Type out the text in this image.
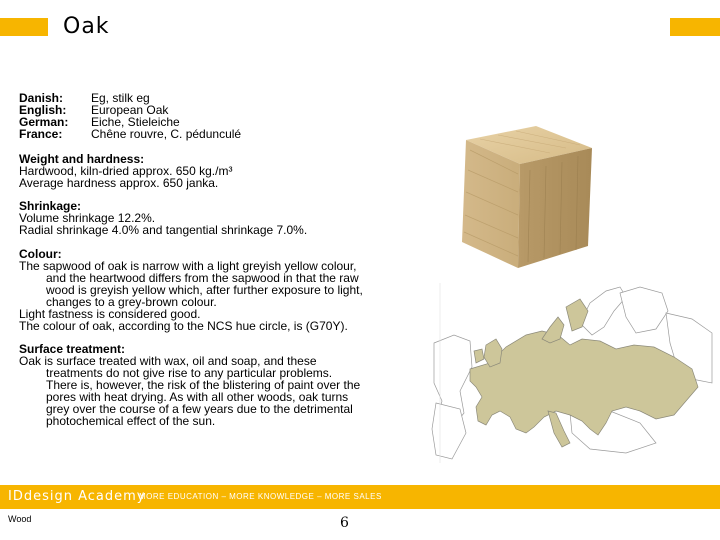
Oak
Danish:	Eg, stilk eg
English:	European Oak
German:	Eiche, Stieleiche
France:	Chêne rouvre, C. pédunculé
Weight and hardness:
Hardwood, kiln-dried approx. 650 kg./m³
Average hardness approx. 650 janka.
Shrinkage:
Volume shrinkage 12.2%.
Radial shrinkage 4.0% and tangential shrinkage 7.0%.
Colour:
The sapwood of oak is narrow with a light greyish yellow colour,
and the heartwood differs from the sapwood in that the raw
wood is greyish yellow which, after further exposure to light,
changes to a grey-brown colour.
Light fastness is considered good.
The colour of oak, according to the NCS hue circle, is (G70Y).
Surface treatment:
Oak is surface treated with wax, oil and soap, and these
treatments do not give rise to any particular problems.
There is, however, the risk of the blistering of paint over the
pores with heat drying. As with all other woods, oak turns
grey over the course of a few years due to the detrimental
photochemical effect of the sun.
IDdesign Academy
MORE EDUCATION – MORE KNOWLEDGE – MORE SALES
Wood	6
